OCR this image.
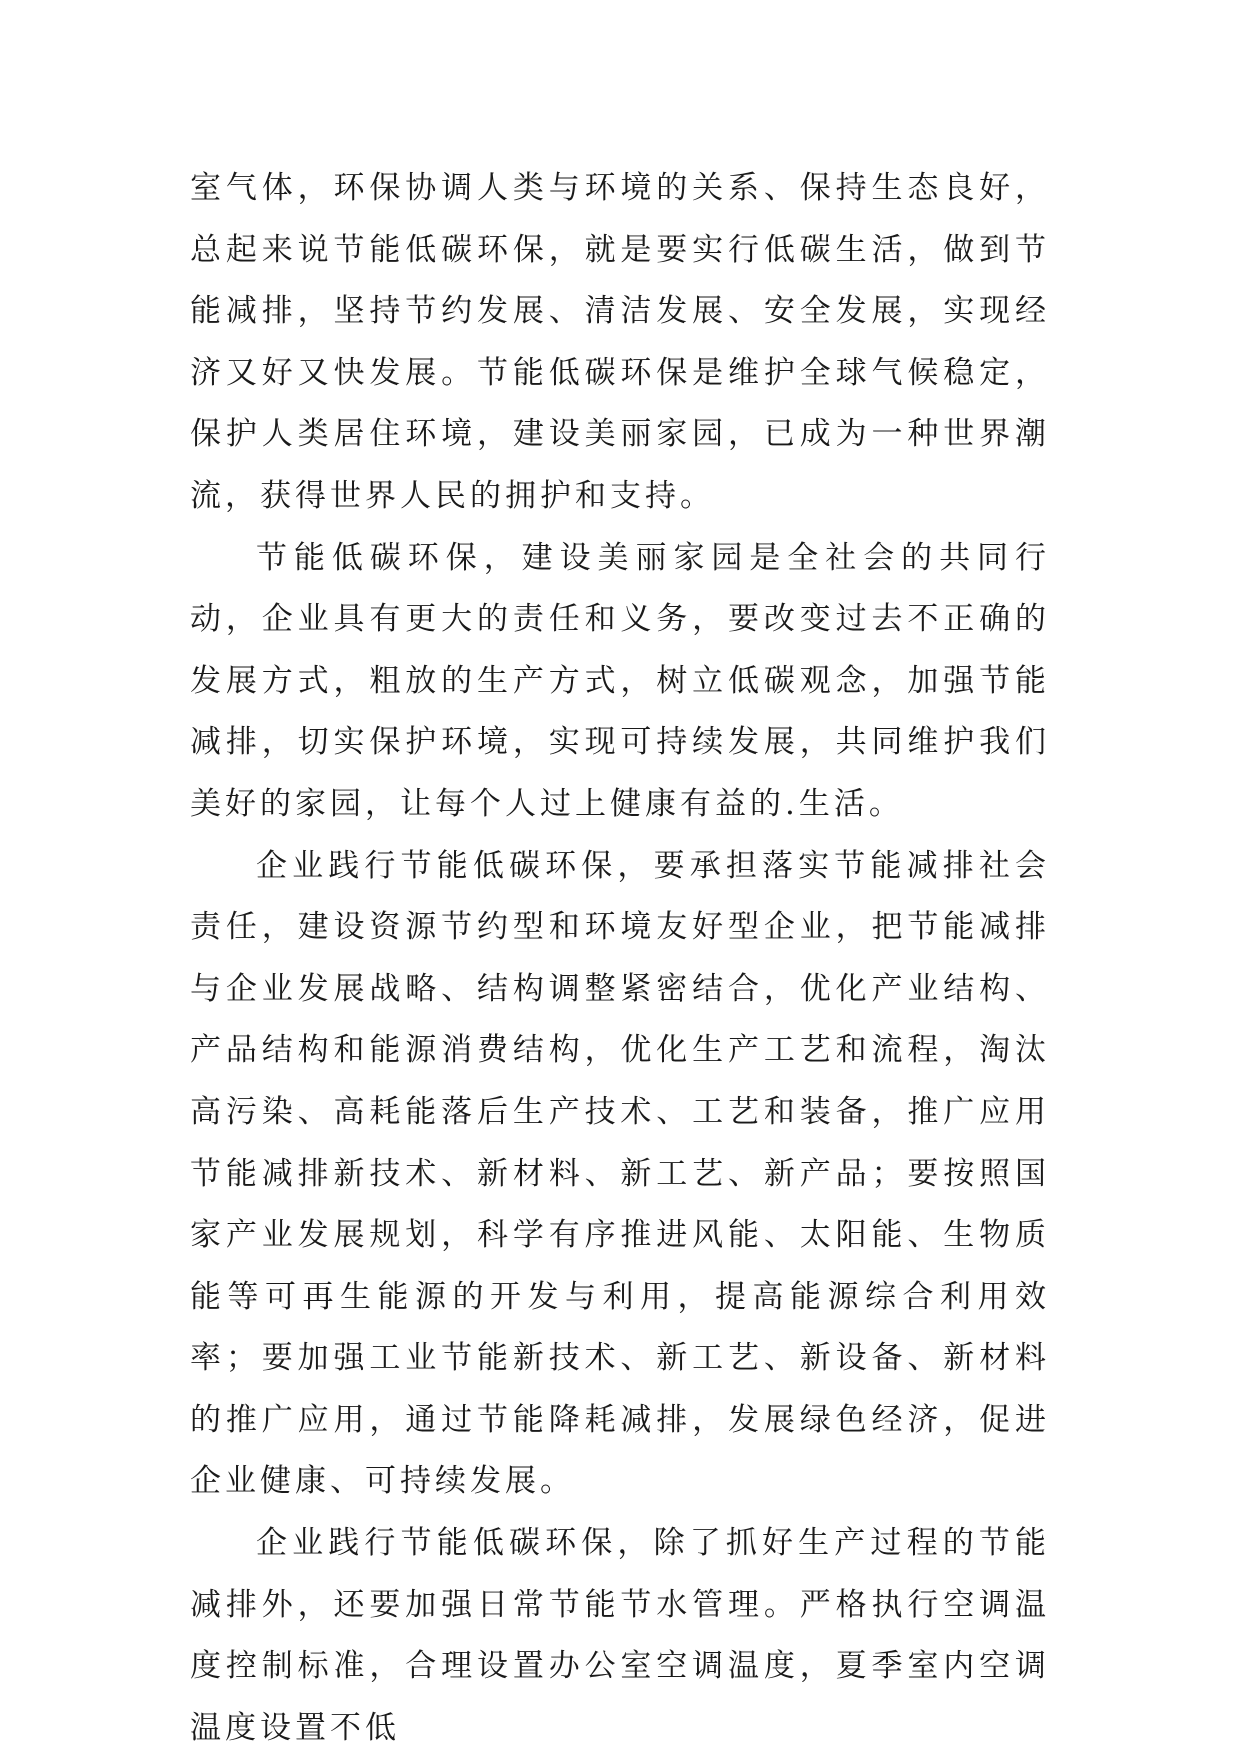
室气体，环保协调人类与环境的关系、保持生态良好，总起来说节能低碳环保，就是要实行低碳生活，做到节能减排，坚持节约发展、清洁发展、安全发展，实现经济又好又快发展。节能低碳环保是维护全球气候稳定，保护人类居住环境，建设美丽家园，已成为一种世界潮流，获得世界人民的拥护和支持。

节能低碳环保，建设美丽家园是全社会的共同行动，企业具有更大的责任和义务，要改变过去不正确的发展方式，粗放的生产方式，树立低碳观念，加强节能减排，切实保护环境，实现可持续发展，共同维护我们美好的家园，让每个人过上健康有益的.生活。

企业践行节能低碳环保，要承担落实节能减排社会责任，建设资源节约型和环境友好型企业，把节能减排与企业发展战略、结构调整紧密结合，优化产业结构、产品结构和能源消费结构，优化生产工艺和流程，淘汰高污染、高耗能落后生产技术、工艺和装备，推广应用节能减排新技术、新材料、新工艺、新产品；要按照国家产业发展规划，科学有序推进风能、太阳能、生物质能等可再生能源的开发与利用，提高能源综合利用效率；要加强工业节能新技术、新工艺、新设备、新材料的推广应用，通过节能降耗减排，发展绿色经济，促进企业健康、可持续发展。

企业践行节能低碳环保，除了抓好生产过程的节能减排外，还要加强日常节能节水管理。严格执行空调温度控制标准，合理设置办公室空调温度，夏季室内空调温度设置不低
